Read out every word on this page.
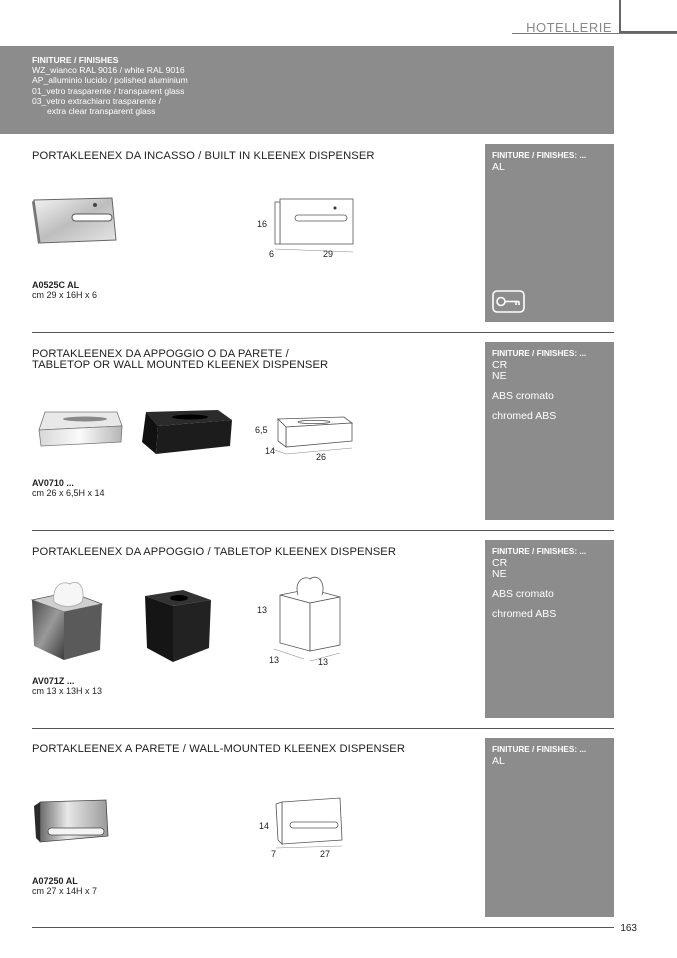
HOTELLERIE
FINITURE / FINISHES
WZ_wianco RAL 9016 / white RAL 9016
AP_alluminio lucido / polished aluminium
01_vetro trasparente / transparent glass
03_vetro extrachiaro trasparente /
extra clear transparent glass
PORTAKLEENEX DA INCASSO / BUILT IN KLEENEX DISPENSER
16
6	29
A0525C AL
cm 29 x 16H x 6
FINITURE / FINISHES: ...
AL
PORTAKLEENEX DA APPOGGIO O DA PARETE /
TABLETOP OR WALL MOUNTED KLEENEX DISPENSER
6,5
14
26
AV0710 ...
cm 26 x 6,5H x 14
FINITURE / FINISHES: ...
CR
NE
ABS cromato
chromed ABS
PORTAKLEENEX DA APPOGGIO / TABLETOP KLEENEX DISPENSER
13
13	13
AV071Z ...
cm 13 x 13H x 13
FINITURE / FINISHES: ...
CR
NE
ABS cromato
chromed ABS
PORTAKLEENEX A PARETE / WALL-MOUNTED KLEENEX DISPENSER
14
7	27
A07250 AL
cm 27 x 14H x 7
FINITURE / FINISHES: ...
AL
163
